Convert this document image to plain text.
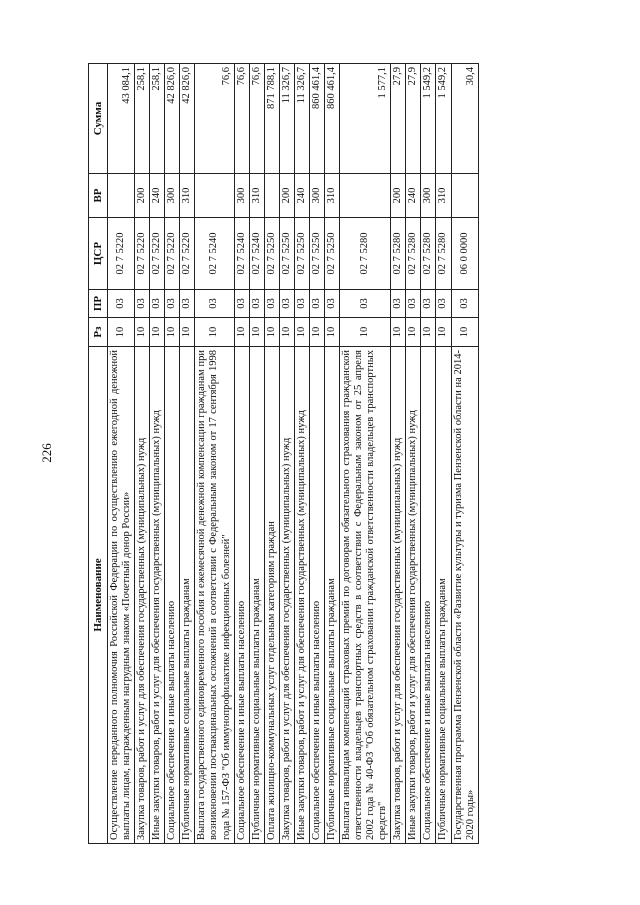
226
Наименование	Рз	ПР	ЦСР	ВР	Сумма
Осуществление переданного полномочия Российской Федерации по осуществлению ежегодной денежной выплаты лицам, награжденным нагрудным знаком «Почетный донор России»	10	03	02 7 5220		43 084,1
Закупка товаров, работ и услуг для обеспечения государственных (муниципальных) нужд	10	03	02 7 5220	200	258,1
Иные закупки товаров, работ и услуг для обеспечения государственных (муниципальных) нужд	10	03	02 7 5220	240	258,1
Социальное обеспечение и иные выплаты населению	10	03	02 7 5220	300	42 826,0
Публичные нормативные социальные выплаты гражданам	10	03	02 7 5220	310	42 826,0
Выплата государственного единовременного пособия и ежемесячной денежной компенсации гражданам при возникновении поствакцинальных осложнений в соответствии с Федеральным законом от 17 сентября 1998 года № 157-ФЗ "Об иммунопрофилактике инфекционных болезней"	10	03	02 7 5240		76,6
Социальное обеспечение и иные выплаты населению	10	03	02 7 5240	300	76,6
Публичные нормативные социальные выплаты гражданам	10	03	02 7 5240	310	76,6
Оплата жилищно-коммунальных услуг отдельным категориям граждан	10	03	02 7 5250		871 788,1
Закупка товаров, работ и услуг для обеспечения государственных (муниципальных) нужд	10	03	02 7 5250	200	11 326,7
Иные закупки товаров, работ и услуг для обеспечения государственных (муниципальных) нужд	10	03	02 7 5250	240	11 326,7
Социальное обеспечение и иные выплаты населению	10	03	02 7 5250	300	860 461,4
Публичные нормативные социальные выплаты гражданам	10	03	02 7 5250	310	860 461,4
Выплата инвалидам компенсаций страховых премий по договорам обязательного страхования гражданской ответственности владельцев транспортных средств в соответствии с Федеральным законом от 25 апреля 2002 года № 40-ФЗ "Об обязательном страховании гражданской ответственности владельцев транспортных средств"	10	03	02 7 5280		1 577,1
Закупка товаров, работ и услуг для обеспечения государственных (муниципальных) нужд	10	03	02 7 5280	200	27,9
Иные закупки товаров, работ и услуг для обеспечения государственных (муниципальных) нужд	10	03	02 7 5280	240	27,9
Социальное обеспечение и иные выплаты населению	10	03	02 7 5280	300	1 549,2
Публичные нормативные социальные выплаты гражданам	10	03	02 7 5280	310	1 549,2
Государственная программа Пензенской области «Развитие культуры и туризма Пензенской области на 2014-2020 годы»	10	03	06 0 0000		30,4
